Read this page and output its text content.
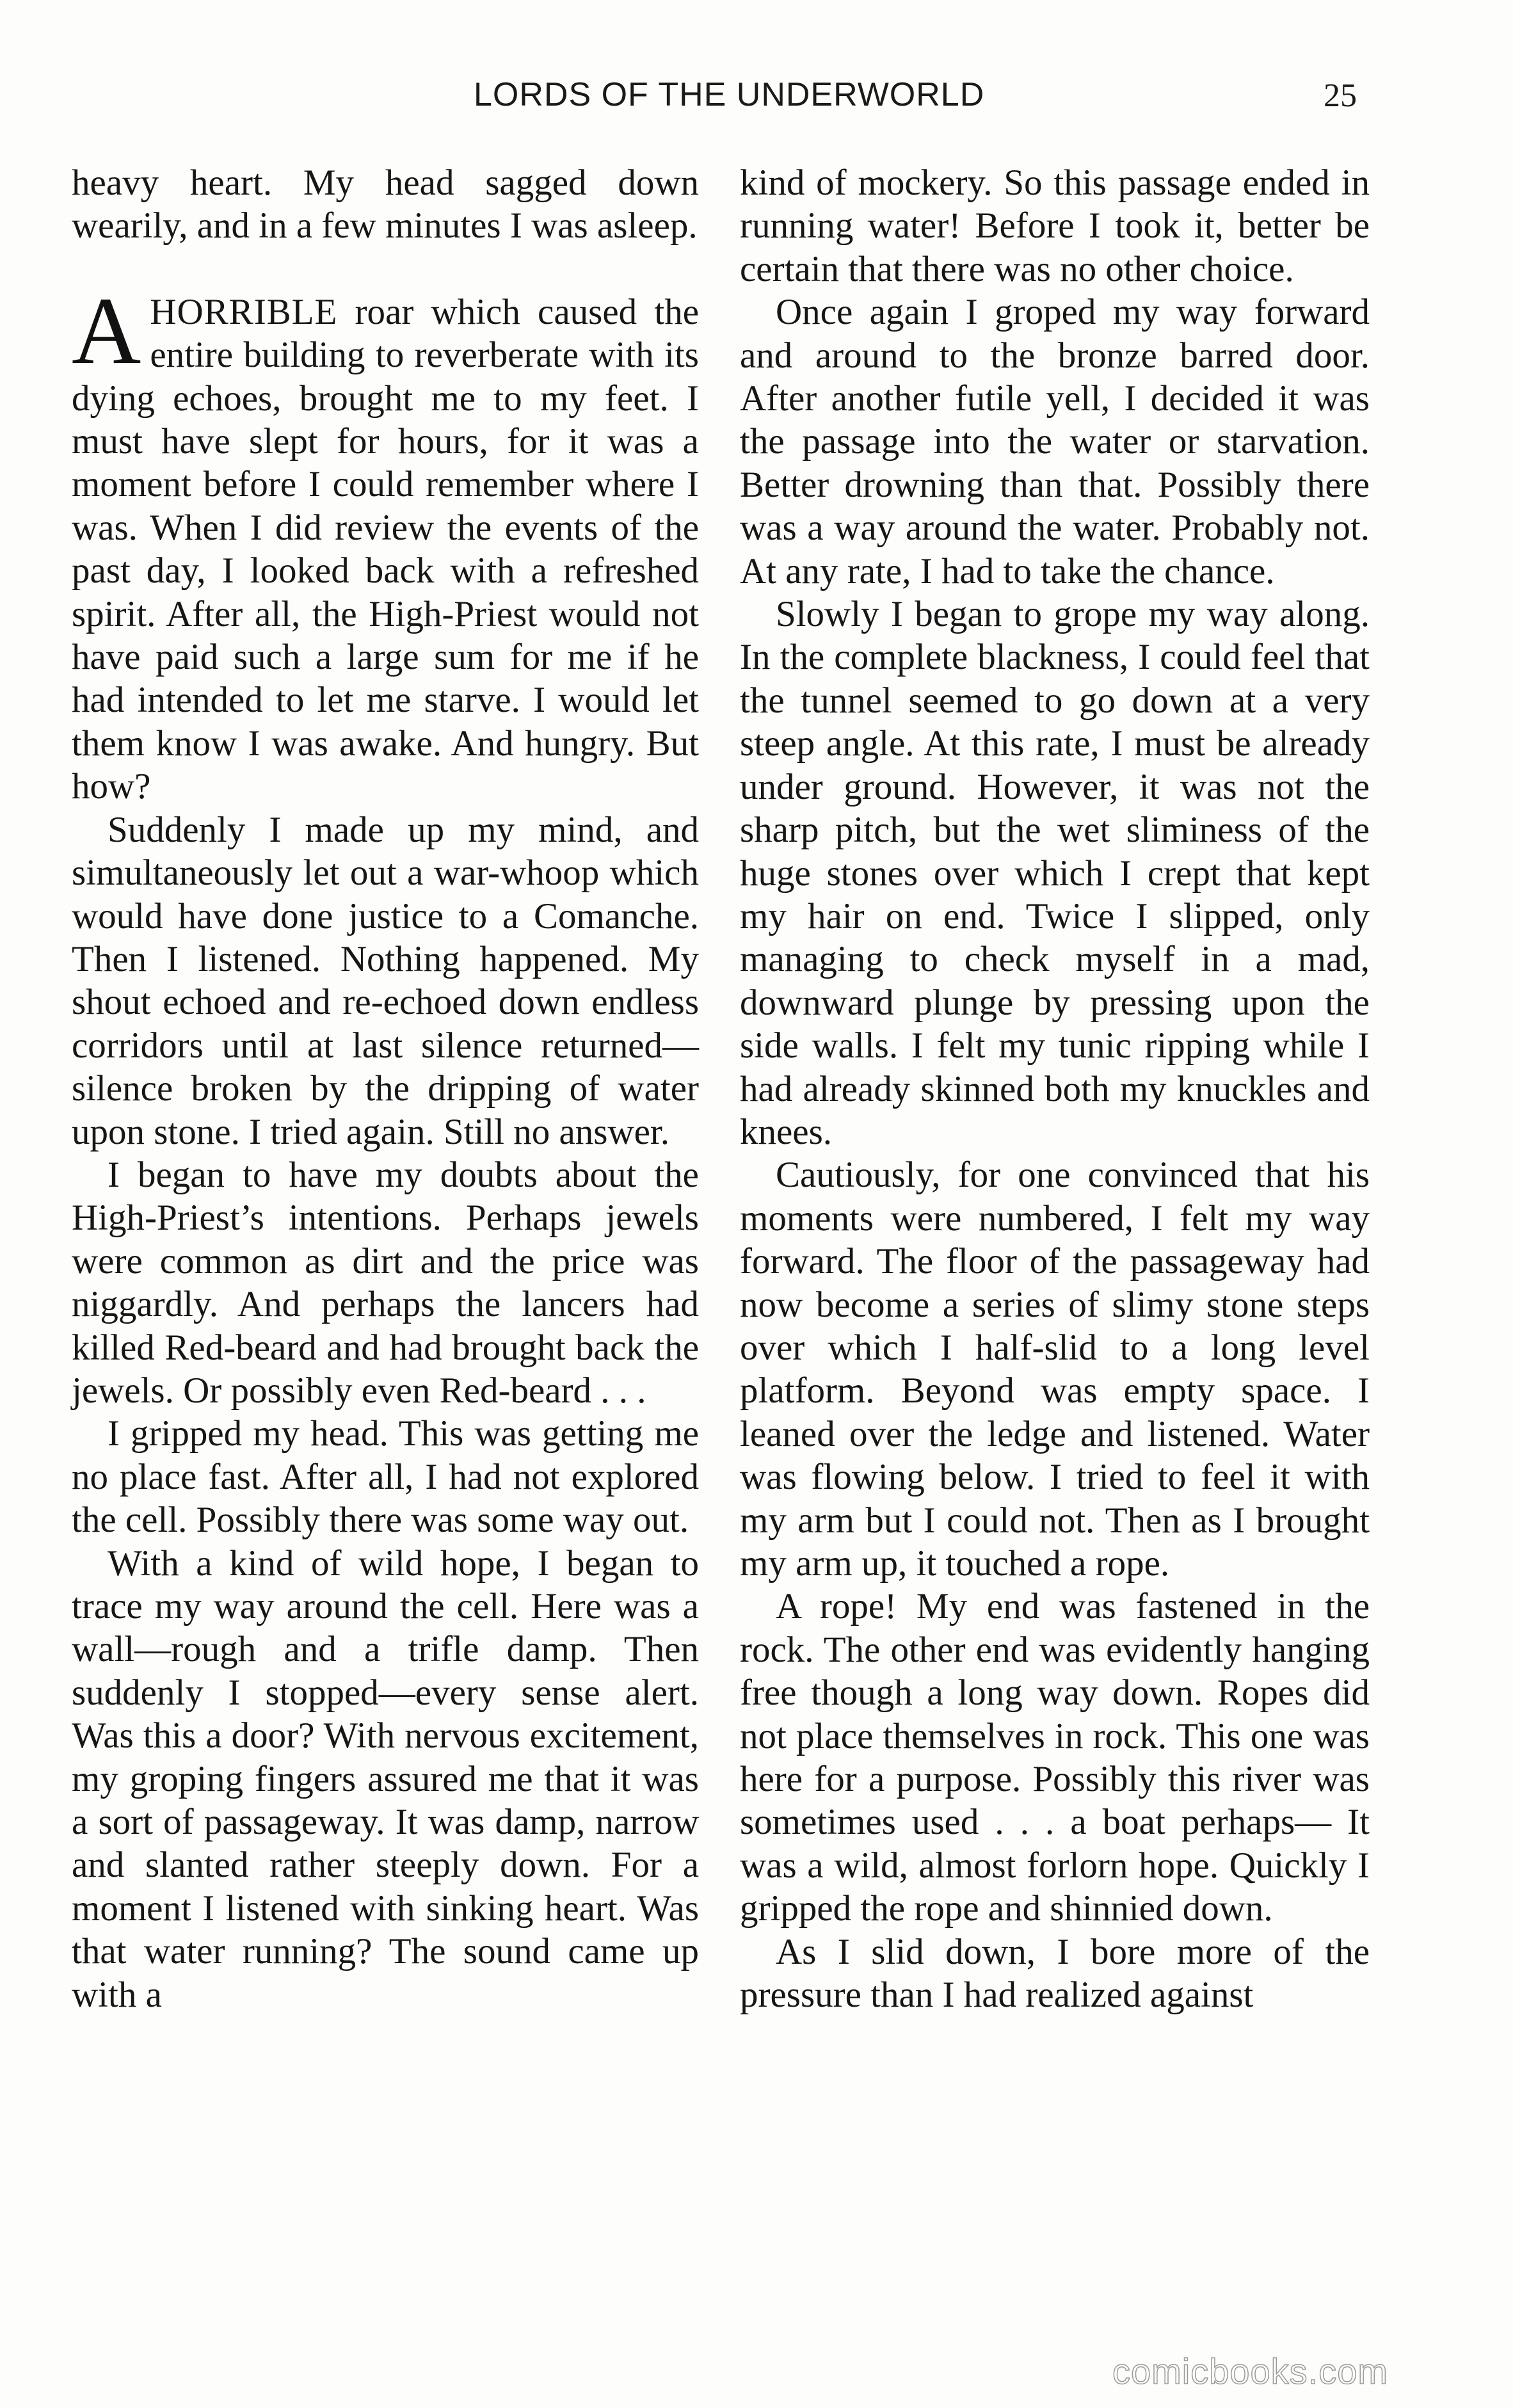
LORDS OF THE UNDERWORLD	25

heavy heart. My head sagged down wearily, and in a few minutes I was asleep.

AHORRIBLE roar which caused the entire building to reverberate with its dying echoes, brought me to my feet. I must have slept for hours, for it was a moment before I could remember where I was. When I did review the events of the past day, I looked back with a refreshed spirit. After all, the High-Priest would not have paid such a large sum for me if he had intended to let me starve. I would let them know I was awake. And hungry. But how?

Suddenly I made up my mind, and simultaneously let out a war-whoop which would have done justice to a Comanche. Then I listened. Nothing happened. My shout echoed and re-echoed down endless corridors until at last silence returned—silence broken by the dripping of water upon stone. I tried again. Still no answer.

I began to have my doubts about the High-Priest’s intentions. Perhaps jewels were common as dirt and the price was niggardly. And perhaps the lancers had killed Red-beard and had brought back the jewels. Or possibly even Red-beard . . .

I gripped my head. This was getting me no place fast. After all, I had not explored the cell. Possibly there was some way out.

With a kind of wild hope, I began to trace my way around the cell. Here was a wall—rough and a trifle damp. Then suddenly I stopped—every sense alert. Was this a door? With nervous excitement, my groping fingers assured me that it was a sort of passageway. It was damp, narrow and slanted rather steeply down. For a moment I listened with sinking heart. Was that water running? The sound came up with a

kind of mockery. So this passage ended in running water! Before I took it, better be certain that there was no other choice.

Once again I groped my way forward and around to the bronze barred door. After another futile yell, I decided it was the passage into the water or starvation. Better drowning than that. Possibly there was a way around the water. Probably not. At any rate, I had to take the chance.

Slowly I began to grope my way along. In the complete blackness, I could feel that the tunnel seemed to go down at a very steep angle. At this rate, I must be already under ground. However, it was not the sharp pitch, but the wet sliminess of the huge stones over which I crept that kept my hair on end. Twice I slipped, only managing to check myself in a mad, downward plunge by pressing upon the side walls. I felt my tunic ripping while I had already skinned both my knuckles and knees.

Cautiously, for one convinced that his moments were numbered, I felt my way forward. The floor of the passageway had now become a series of slimy stone steps over which I half-slid to a long level platform. Beyond was empty space. I leaned over the ledge and listened. Water was flowing below. I tried to feel it with my arm but I could not. Then as I brought my arm up, it touched a rope.

A rope! My end was fastened in the rock. The other end was evidently hanging free though a long way down. Ropes did not place themselves in rock. This one was here for a purpose. Possibly this river was sometimes used . . . a boat perhaps— It was a wild, almost forlorn hope. Quickly I gripped the rope and shinnied down.

As I slid down, I bore more of the pressure than I had realized against

comicbooks.com
